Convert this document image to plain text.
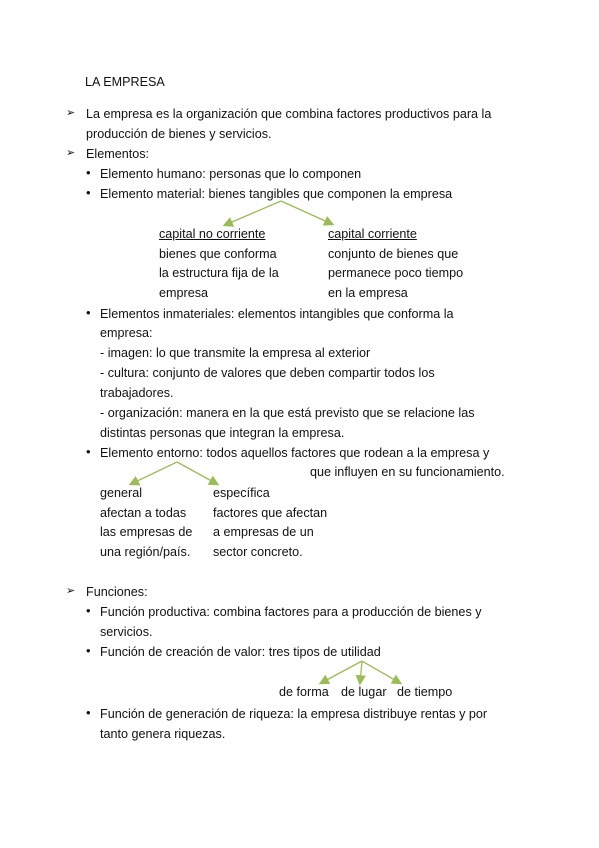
LA EMPRESA
➢ La empresa es la organización que combina factores productivos para la
producción de bienes y servicios.
➢ Elementos:
• Elemento humano: personas que lo componen
• Elemento material: bienes tangibles que componen la empresa
capital no corriente
bienes que conforma
la estructura fija de la
empresa
capital corriente
conjunto de bienes que
permanece poco tiempo
en la empresa
• Elementos inmateriales: elementos intangibles que conforma la
empresa:
- imagen: lo que transmite la empresa al exterior
- cultura: conjunto de valores que deben compartir todos los
trabajadores.
- organización: manera en la que está previsto que se relacione las
distintas personas que integran la empresa.
• Elemento entorno: todos aquellos factores que rodean a la empresa y
que influyen en su funcionamiento.
general
afectan a todas
las empresas de
una región/país.
específica
factores que afectan
a empresas de un
sector concreto.
➢ Funciones:
• Función productiva: combina factores para a producción de bienes y
servicios.
• Función de creación de valor: tres tipos de utilidad
de forma de lugar de tiempo
• Función de generación de riqueza: la empresa distribuye rentas y por
tanto genera riquezas.
